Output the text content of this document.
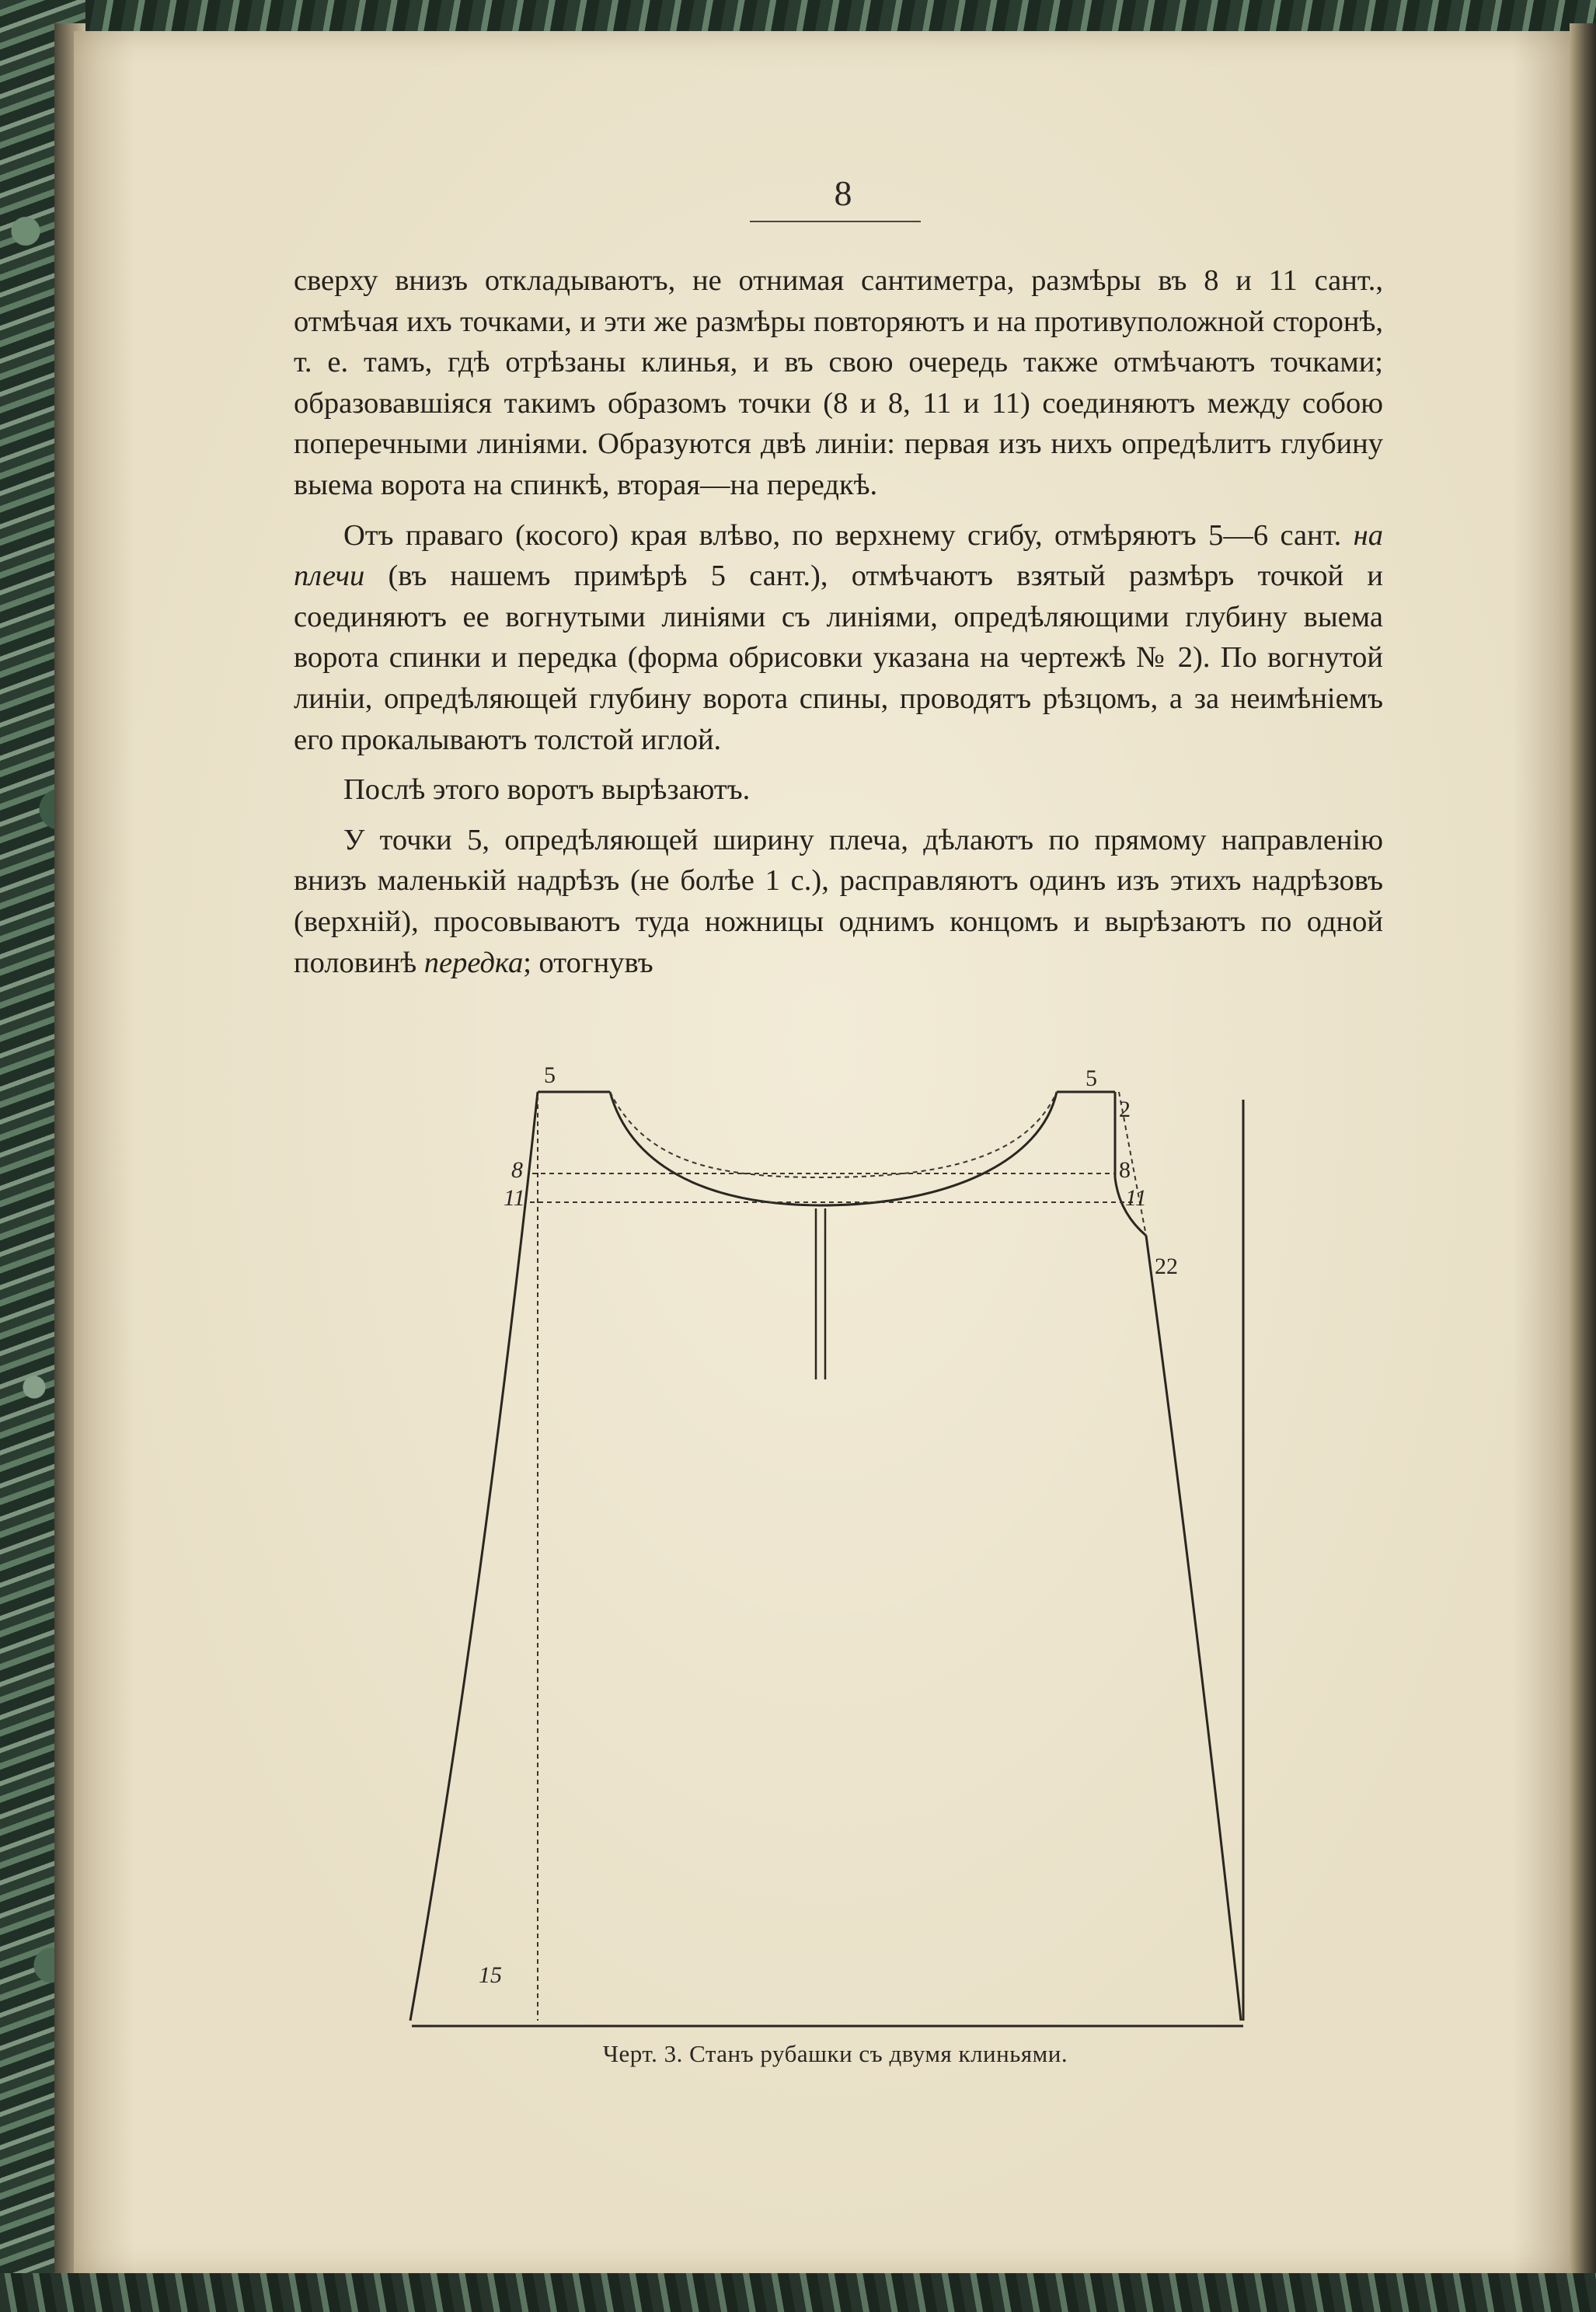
8

сверху внизъ откладываютъ, не отнимая сантиметра, размѣры въ 8 и 11 сант., отмѣчая ихъ точками, и эти же размѣры повторяютъ и на противуположной сторонѣ, т. е. тамъ, гдѣ отрѣзаны клинья, и въ свою очередь также отмѣчаютъ точками; образовавшіяся такимъ образомъ точки (8 и 8, 11 и 11) соединяютъ между собою поперечными линіями. Образуются двѣ линіи: первая изъ нихъ опредѣлитъ глубину выема ворота на спинкѣ, вторая—на передкѣ.

Отъ праваго (косого) края влѣво, по верхнему сгибу, отмѣряютъ 5—6 сант. на плечи (въ нашемъ примѣрѣ 5 сант.), отмѣчаютъ взятый размѣръ точкой и соединяютъ ее вогнутыми линіями съ линіями, опредѣляющими глубину выема ворота спинки и передка (форма обрисовки указана на чертежѣ № 2). По вогнутой линіи, опредѣляющей глубину ворота спины, проводятъ рѣзцомъ, а за неимѣніемъ его прокалываютъ толстой иглой.

Послѣ этого воротъ вырѣзаютъ.

У точки 5, опредѣляющей ширину плеча, дѣлаютъ по прямому направленію внизъ маленькій надрѣзъ (не болѣе 1 с.), расправляютъ одинъ изъ этихъ надрѣзовъ (верхній), просовываютъ туда ножницы однимъ концомъ и вырѣзаютъ по одной половинѣ передка; отогнувъ

5	5
2
8
11
8
11
22
15
Черт. 3. Станъ рубашки съ двумя клиньями.
